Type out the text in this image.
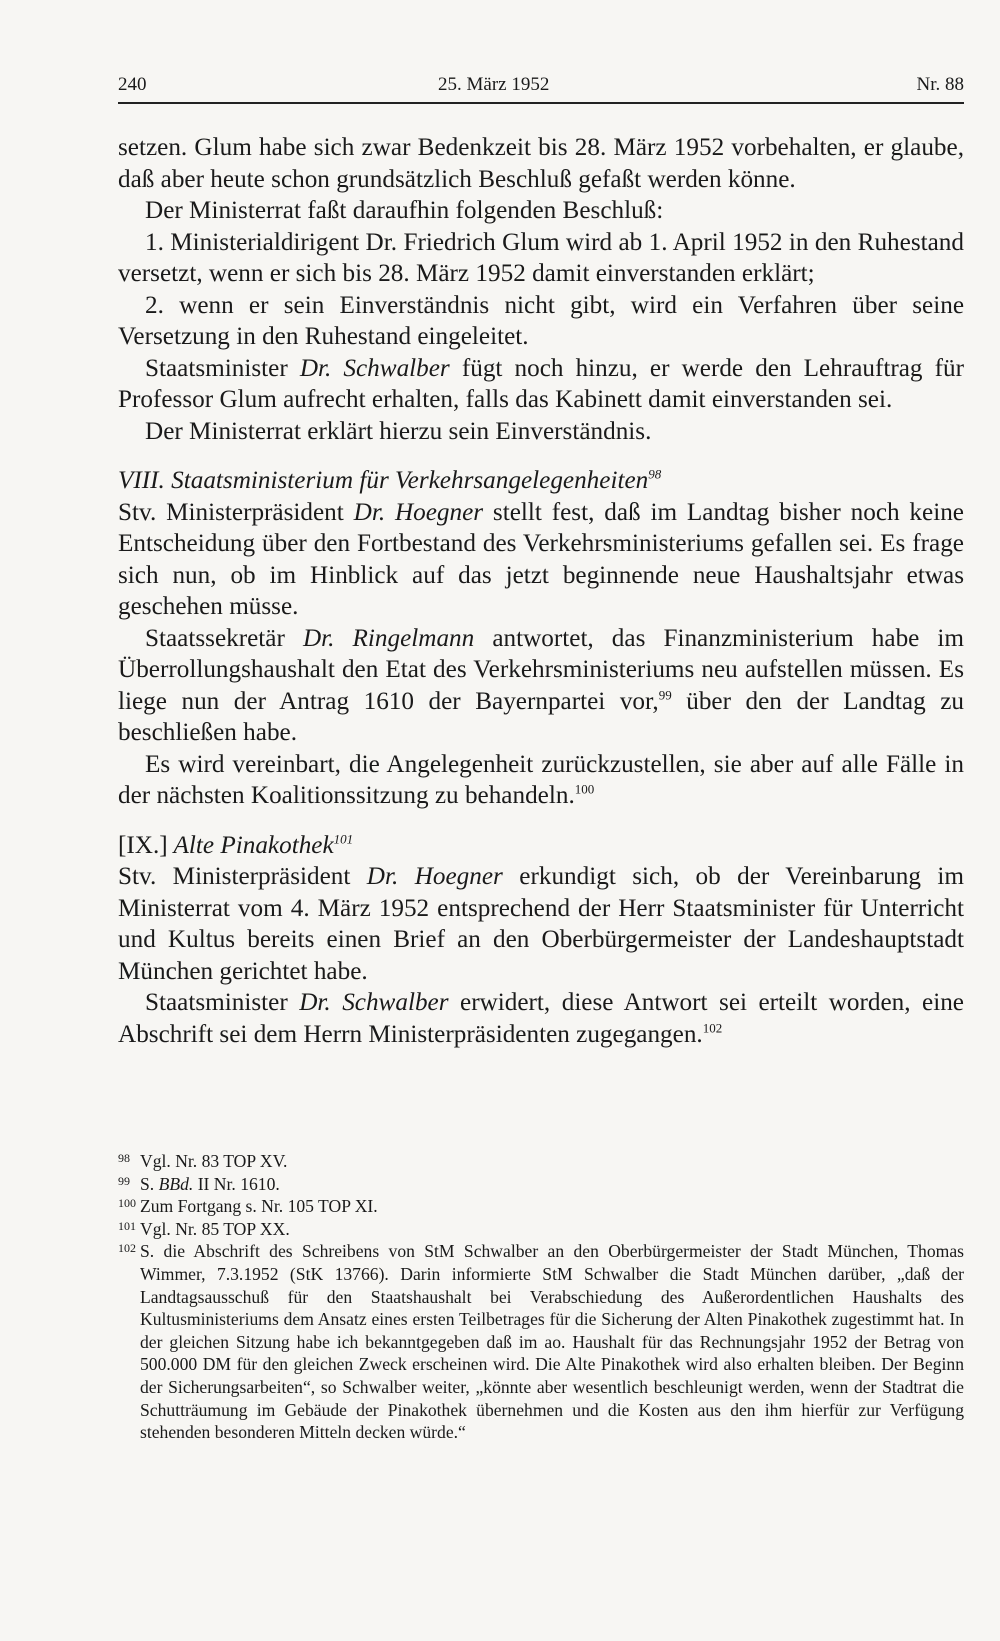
240	25. März 1952	Nr. 88

setzen. Glum habe sich zwar Bedenkzeit bis 28. März 1952 vorbehalten, er glaube, daß aber heute schon grundsätzlich Beschluß gefaßt werden könne.

Der Ministerrat faßt daraufhin folgenden Beschluß:

1. Ministerialdirigent Dr. Friedrich Glum wird ab 1. April 1952 in den Ruhestand versetzt, wenn er sich bis 28. März 1952 damit einverstanden erklärt;

2. wenn er sein Einverständnis nicht gibt, wird ein Verfahren über seine Versetzung in den Ruhestand eingeleitet.

Staatsminister Dr. Schwalber fügt noch hinzu, er werde den Lehrauftrag für Professor Glum aufrecht erhalten, falls das Kabinett damit einverstanden sei.

Der Ministerrat erklärt hierzu sein Einverständnis.

VIII. Staatsministerium für Verkehrsangelegenheiten$^{98}$

Stv. Ministerpräsident Dr. Hoegner stellt fest, daß im Landtag bisher noch keine Entscheidung über den Fortbestand des Verkehrsministeriums gefallen sei. Es frage sich nun, ob im Hinblick auf das jetzt beginnende neue Haushaltsjahr etwas geschehen müsse.

Staatssekretär Dr. Ringelmann antwortet, das Finanzministerium habe im Überrollungshaushalt den Etat des Verkehrsministeriums neu aufstellen müssen. Es liege nun der Antrag 1610 der Bayernpartei vor,$^{99}$ über den der Landtag zu beschließen habe.

Es wird vereinbart, die Angelegenheit zurückzustellen, sie aber auf alle Fälle in der nächsten Koalitionssitzung zu behandeln.$^{100}$

[IX.] Alte Pinakothek$^{101}$

Stv. Ministerpräsident Dr. Hoegner erkundigt sich, ob der Vereinbarung im Ministerrat vom 4. März 1952 entsprechend der Herr Staatsminister für Unterricht und Kultus bereits einen Brief an den Oberbürgermeister der Landeshauptstadt München gerichtet habe.

Staatsminister Dr. Schwalber erwidert, diese Antwort sei erteilt worden, eine Abschrift sei dem Herrn Ministerpräsidenten zugegangen.$^{102}$

98 Vgl. Nr. 83 TOP XV.
99 S. BBd. II Nr. 1610.
100 Zum Fortgang s. Nr. 105 TOP XI.
101 Vgl. Nr. 85 TOP XX.
102 S. die Abschrift des Schreibens von StM Schwalber an den Oberbürgermeister der Stadt München, Thomas Wimmer, 7.3.1952 (StK 13766). Darin informierte StM Schwalber die Stadt München darüber, „daß der Landtagsausschuß für den Staatshaushalt bei Verabschiedung des Außerordentlichen Haushalts des Kultusministeriums dem Ansatz eines ersten Teilbetrages für die Sicherung der Alten Pinakothek zugestimmt hat. In der gleichen Sitzung habe ich bekanntgegeben daß im ao. Haushalt für das Rechnungsjahr 1952 der Betrag von 500.000 DM für den gleichen Zweck erscheinen wird. Die Alte Pinakothek wird also erhalten bleiben. Der Beginn der Sicherungsarbeiten“, so Schwalber weiter, „könnte aber wesentlich beschleunigt werden, wenn der Stadtrat die Schutträumung im Gebäude der Pinakothek übernehmen und die Kosten aus den ihm hierfür zur Verfügung stehenden besonderen Mitteln decken würde.“
